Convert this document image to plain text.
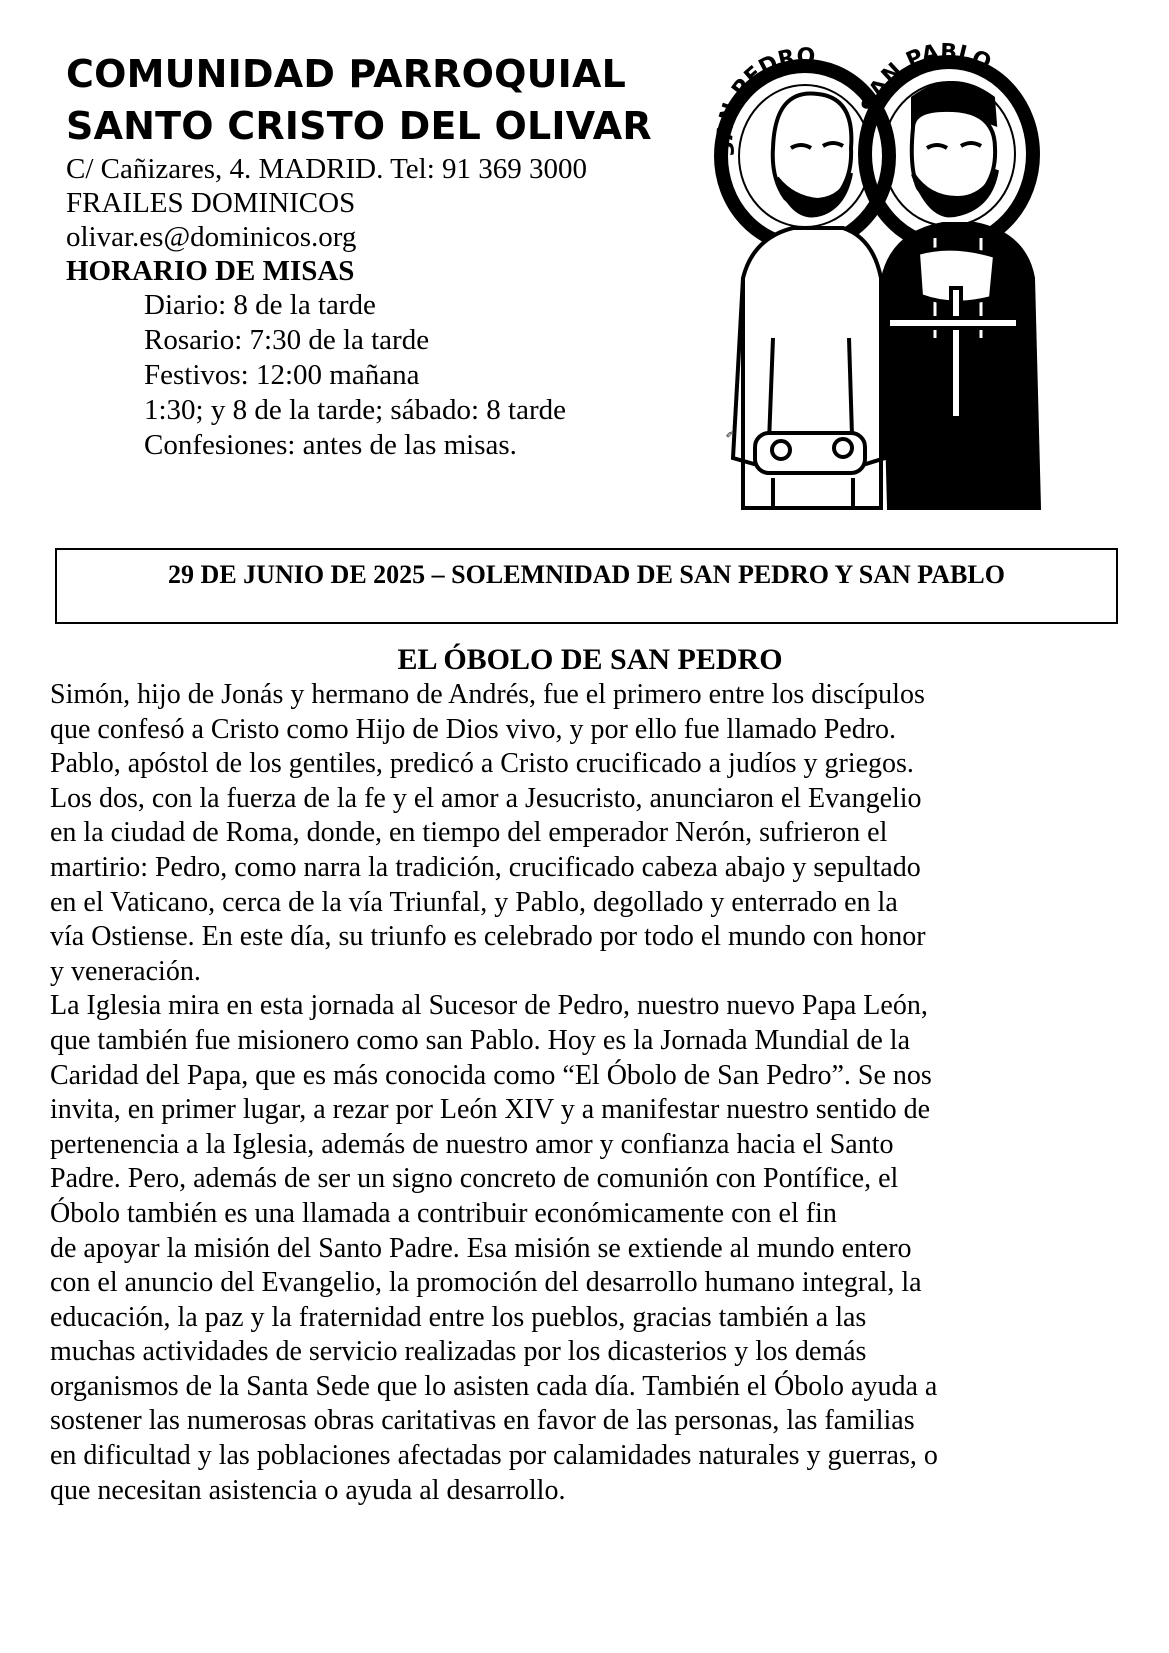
COMUNIDAD PARROQUIAL
SANTO CRISTO DEL OLIVAR
C/ Cañizares, 4. MADRID. Tel: 91 369 3000
FRAILES DOMINICOS
olivar.es@dominicos.org
HORARIO DE MISAS
Diario: 8 de la tarde
Rosario: 7:30 de la tarde
Festivos: 12:00 mañana
1:30; y 8 de la tarde; sábado: 8 tarde
Confesiones: antes de las misas.
SAN PEDRO
SAN PABLO
✎
29 DE JUNIO DE 2025 – SOLEMNIDAD DE SAN PEDRO Y SAN PABLO
EL ÓBOLO DE SAN PEDRO

Simón, hijo de Jonás y hermano de Andrés, fue el primero entre los discípulos
que confesó a Cristo como Hijo de Dios vivo, y por ello fue llamado Pedro.
Pablo, apóstol de los gentiles, predicó a Cristo crucificado a judíos y griegos.
Los dos, con la fuerza de la fe y el amor a Jesucristo, anunciaron el Evangelio
en la ciudad de Roma, donde, en tiempo del emperador Nerón, sufrieron el
martirio: Pedro, como narra la tradición, crucificado cabeza abajo y sepultado
en el Vaticano, cerca de la vía Triunfal, y Pablo, degollado y enterrado en la
vía Ostiense. En este día, su triunfo es celebrado por todo el mundo con honor
y veneración.

La Iglesia mira en esta jornada al Sucesor de Pedro, nuestro nuevo Papa León,
que también fue misionero como san Pablo. Hoy es la Jornada Mundial de la
Caridad del Papa, que es más conocida como “El Óbolo de San Pedro”. Se nos
invita, en primer lugar, a rezar por León XIV y a manifestar nuestro sentido de
pertenencia a la Iglesia, además de nuestro amor y confianza hacia el Santo
Padre. Pero, además de ser un signo concreto de comunión con Pontífice, el
Óbolo también es una llamada a contribuir económicamente con el fin
de apoyar la misión del Santo Padre. Esa misión se extiende al mundo entero
con el anuncio del Evangelio, la promoción del desarrollo humano integral, la
educación, la paz y la fraternidad entre los pueblos, gracias también a las
muchas actividades de servicio realizadas por los dicasterios y los demás
organismos de la Santa Sede que lo asisten cada día. También el Óbolo ayuda a
sostener las numerosas obras caritativas en favor de las personas, las familias
en dificultad y las poblaciones afectadas por calamidades naturales y guerras, o
que necesitan asistencia o ayuda al desarrollo.
